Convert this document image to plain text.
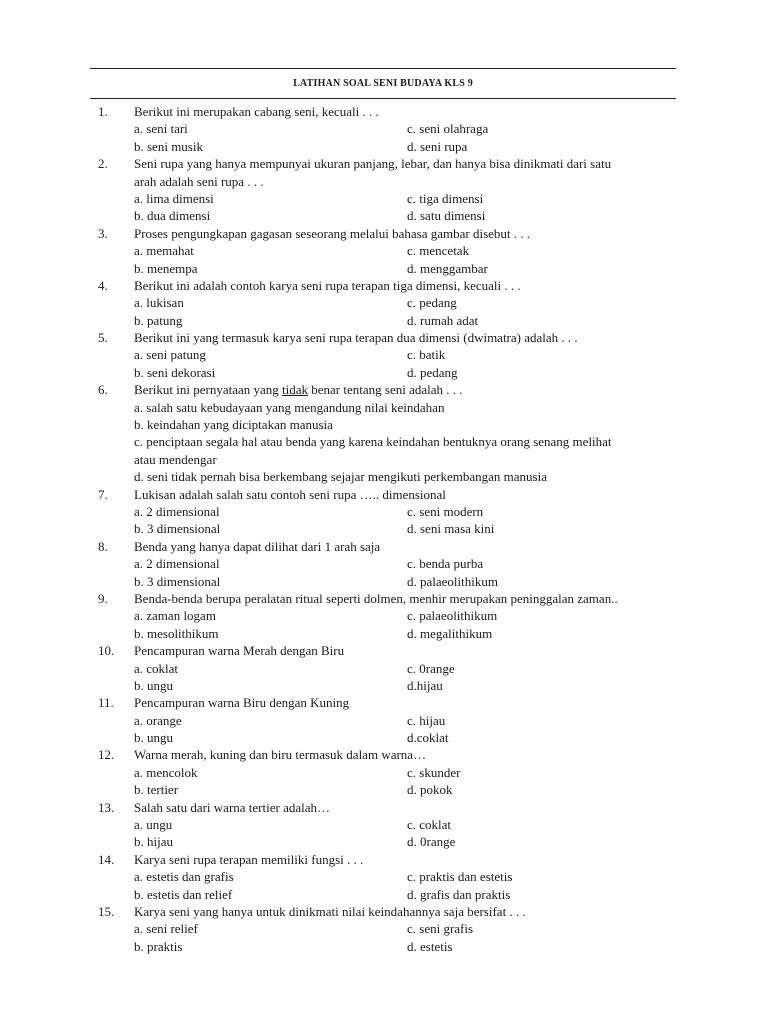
LATIHAN SOAL SENI BUDAYA KLS 9
1. Berikut ini merupakan cabang seni, kecuali . . .
a. seni tari	c. seni olahraga
b. seni musik	d. seni rupa
2. Seni rupa yang hanya mempunyai ukuran panjang, lebar, dan hanya bisa dinikmati dari satu
arah adalah seni rupa . . .
a. lima dimensi	c. tiga dimensi
b. dua dimensi	d. satu dimensi
3. Proses pengungkapan gagasan seseorang melalui bahasa gambar disebut . . .
a. memahat	c. mencetak
b. menempa	d. menggambar
4. Berikut ini adalah contoh karya seni rupa terapan tiga dimensi, kecuali . . .
a. lukisan	c. pedang
b. patung	d. rumah adat
5. Berikut ini yang termasuk karya seni rupa terapan dua dimensi (dwimatra) adalah . . .
a. seni patung	c. batik
b. seni dekorasi	d. pedang
6. Berikut ini pernyataan yang tidak benar tentang seni adalah . . .
a. salah satu kebudayaan yang mengandung nilai keindahan
b. keindahan yang diciptakan manusia
c. penciptaan segala hal atau benda yang karena keindahan bentuknya orang senang melihat
atau mendengar
d. seni tidak pernah bisa berkembang sejajar mengikuti perkembangan manusia
7. Lukisan adalah salah satu contoh seni rupa ….. dimensional
a. 2 dimensional	c. seni modern
b. 3 dimensional	d. seni masa kini
8. Benda yang hanya dapat dilihat dari 1 arah saja
a. 2 dimensional	c. benda purba
b. 3 dimensional	d. palaeolithikum
9. Benda-benda berupa peralatan ritual seperti dolmen, menhir merupakan peninggalan zaman..
a. zaman logam	c. palaeolithikum
b. mesolithikum	d. megalithikum
10. Pencampuran warna Merah dengan Biru
a. coklat	c. 0range
b. ungu	d.hijau
11. Pencampuran warna Biru dengan Kuning
a. orange	c. hijau
b. ungu	d.coklat
12. Warna merah, kuning dan biru termasuk dalam warna…
a. mencolok	c. skunder
b. tertier	d. pokok
13. Salah satu dari warna tertier adalah…
a. ungu	c. coklat
b. hijau	d. 0range
14. Karya seni rupa terapan memiliki fungsi . . .
a. estetis dan grafis	c. praktis dan estetis
b. estetis dan relief	d. grafis dan praktis
15. Karya seni yang hanya untuk dinikmati nilai keindahannya saja bersifat . . .
a. seni relief	c. seni grafis
b. praktis	d. estetis
